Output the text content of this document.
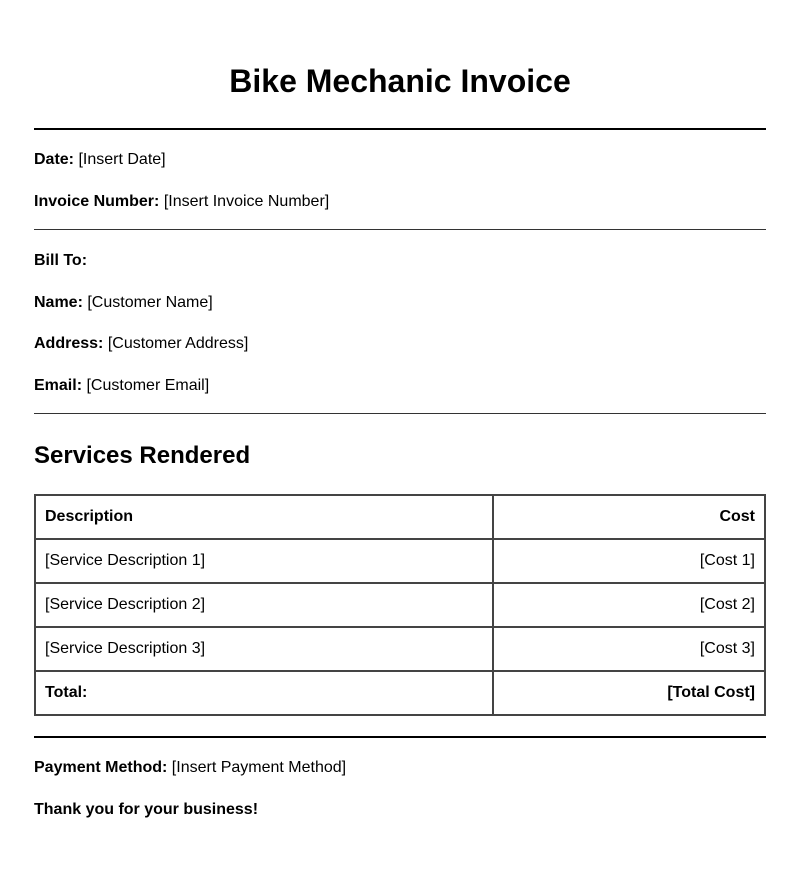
Bike Mechanic Invoice
Date: [Insert Date]
Invoice Number: [Insert Invoice Number]
Bill To:
Name: [Customer Name]
Address: [Customer Address]
Email: [Customer Email]
Services Rendered
Description	Cost
[Service Description 1]	[Cost 1]
[Service Description 2]	[Cost 2]
[Service Description 3]	[Cost 3]
Total:	[Total Cost]
Payment Method: [Insert Payment Method]
Thank you for your business!
